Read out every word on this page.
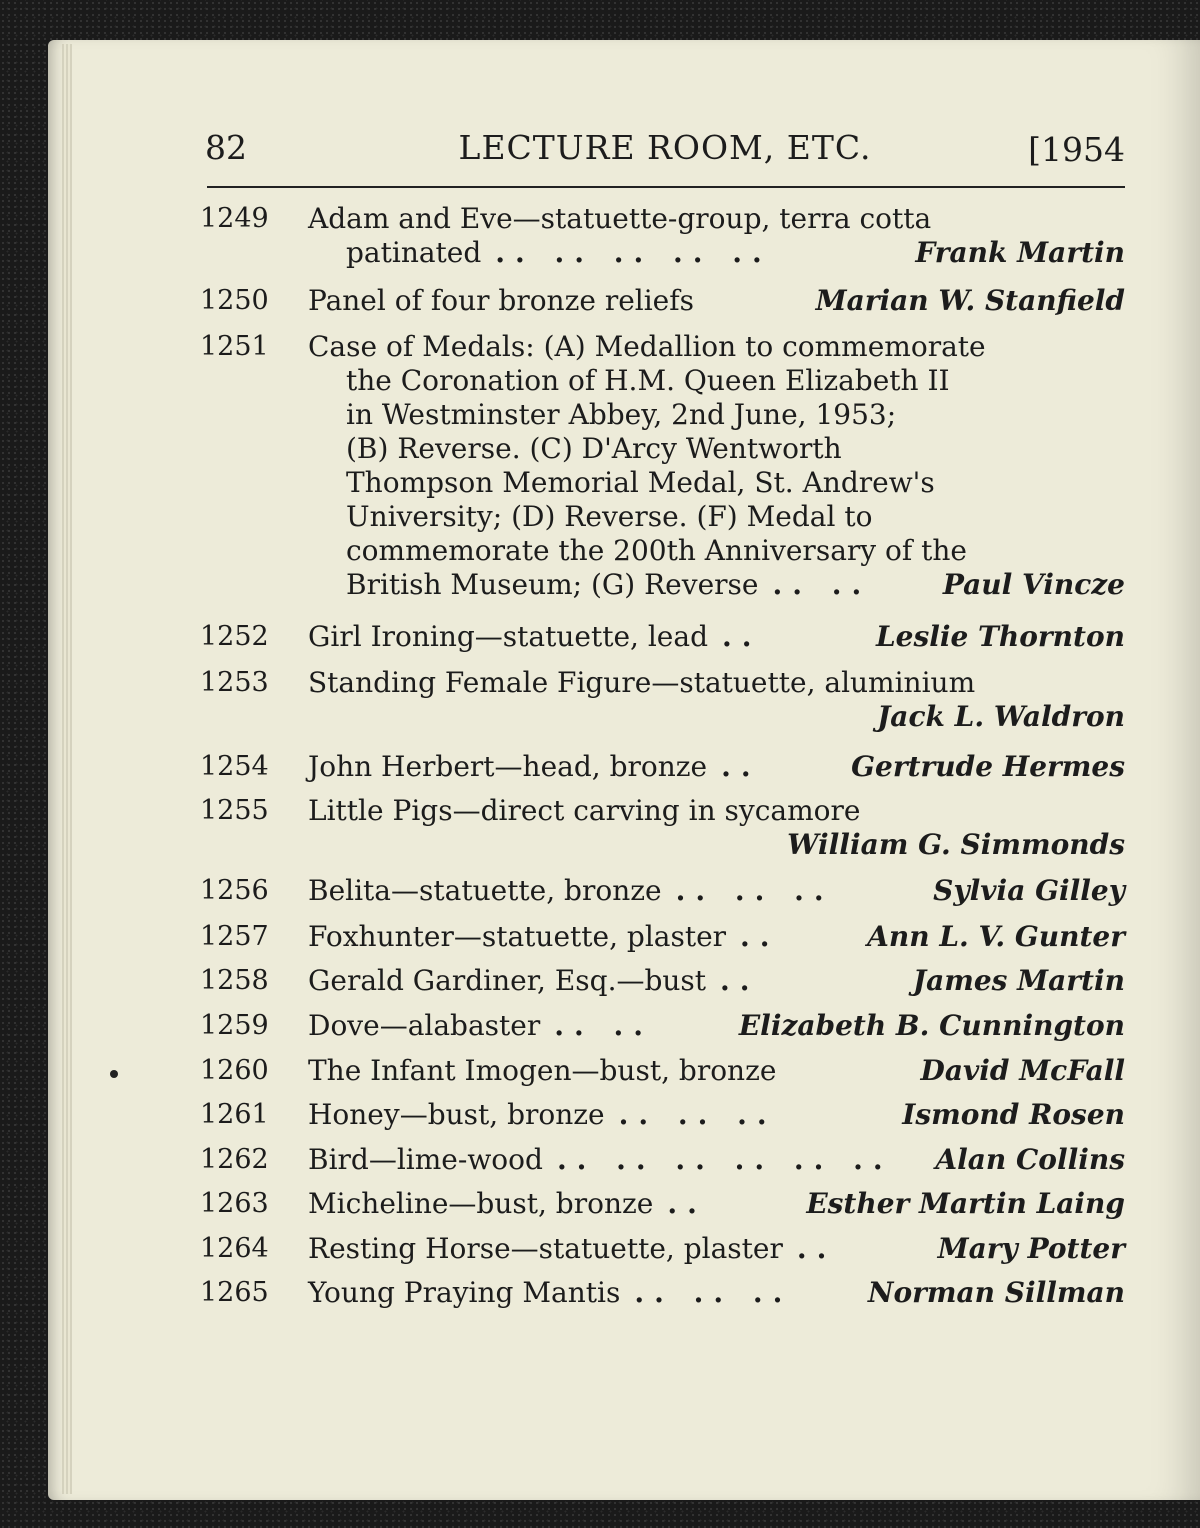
82	LECTURE ROOM, ETC.	[1954
1249 Adam and Eve—statuette-group, terra cotta
patinated .. .. .. .. ..	Frank Martin
1250 Panel of four bronze reliefs	Marian W. Stanfield
1251 Case of Medals: (A) Medallion to commemorate
the Coronation of H.M. Queen Elizabeth II
in Westminster Abbey, 2nd June, 1953;
(B) Reverse. (C) D'Arcy Wentworth
Thompson Memorial Medal, St. Andrew's
University; (D) Reverse. (F) Medal to
commemorate the 200th Anniversary of the
British Museum; (G) Reverse .. ..	Paul Vincze
1252 Girl Ironing—statuette, lead ..	Leslie Thornton
1253 Standing Female Figure—statuette, aluminium
Jack L. Waldron
1254 John Herbert—head, bronze ..	Gertrude Hermes
1255 Little Pigs—direct carving in sycamore
William G. Simmonds
1256 Belita—statuette, bronze .. .. ..	Sylvia Gilley
1257 Foxhunter—statuette, plaster ..	Ann L. V. Gunter
1258 Gerald Gardiner, Esq.—bust ..	James Martin
1259 Dove—alabaster .. ..	Elizabeth B. Cunnington
1260 The Infant Imogen—bust, bronze	David McFall
1261 Honey—bust, bronze .. .. ..	Ismond Rosen
1262 Bird—lime-wood .. .. .. .. .. .. Alan Collins
1263 Micheline—bust, bronze ..	Esther Martin Laing
1264 Resting Horse—statuette, plaster ..	Mary Potter
1265 Young Praying Mantis .. .. ..	Norman Sillman
